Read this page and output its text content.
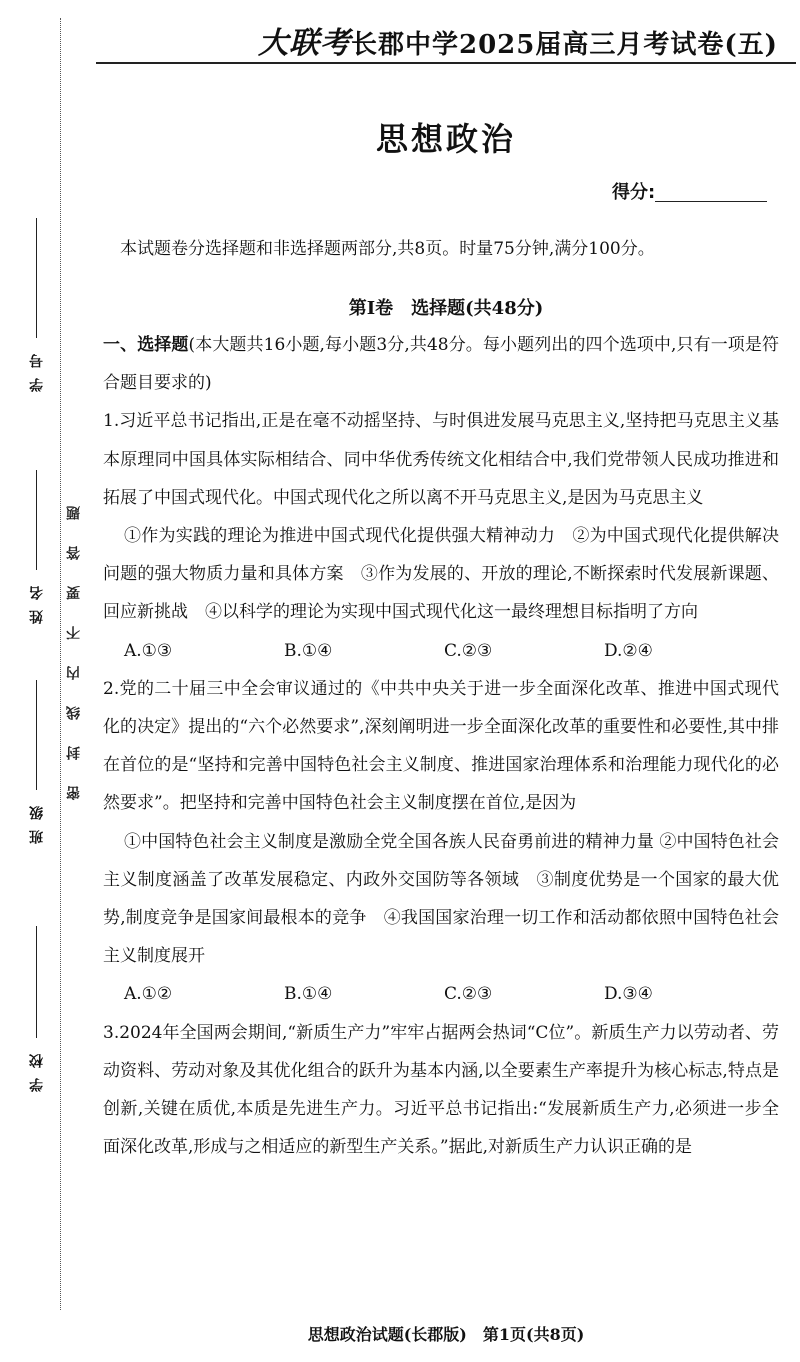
学号
姓名
班级
学校
密封线内不要答题
大联考长郡中学2025届高三月考试卷(五)
思想政治
得分:
本试题卷分选择题和非选择题两部分,共8页。时量75分钟,满分100分。
第Ⅰ卷　选择题(共48分)

一、选择题(本大题共16小题,每小题3分,共48分。每小题列出的四个选项中,只有一项是符合题目要求的)

1.习近平总书记指出,正是在毫不动摇坚持、与时俱进发展马克思主义,坚持把马克思主义基本原理同中国具体实际相结合、同中华优秀传统文化相结合中,我们党带领人民成功推进和拓展了中国式现代化。中国式现代化之所以离不开马克思主义,是因为马克思主义

①作为实践的理论为推进中国式现代化提供强大精神动力　②为中国式现代化提供解决问题的强大物质力量和具体方案　③作为发展的、开放的理论,不断探索时代发展新课题、回应新挑战　④以科学的理论为实现中国式现代化这一最终理想目标指明了方向

A.①③	B.①④	C.②③	D.②④

2.党的二十届三中全会审议通过的《中共中央关于进一步全面深化改革、推进中国式现代化的决定》提出的“六个必然要求”,深刻阐明进一步全面深化改革的重要性和必要性,其中排在首位的是“坚持和完善中国特色社会主义制度、推进国家治理体系和治理能力现代化的必然要求”。把坚持和完善中国特色社会主义制度摆在首位,是因为

①中国特色社会主义制度是激励全党全国各族人民奋勇前进的精神力量 ②中国特色社会主义制度涵盖了改革发展稳定、内政外交国防等各领域　③制度优势是一个国家的最大优势,制度竞争是国家间最根本的竞争　④我国国家治理一切工作和活动都依照中国特色社会主义制度展开

A.①②	B.①④	C.②③	D.③④

3.2024年全国两会期间,“新质生产力”牢牢占据两会热词“C位”。新质生产力以劳动者、劳动资料、劳动对象及其优化组合的跃升为基本内涵,以全要素生产率提升为核心标志,特点是创新,关键在质优,本质是先进生产力。习近平总书记指出:“发展新质生产力,必须进一步全面深化改革,形成与之相适应的新型生产关系。”据此,对新质生产力认识正确的是

思想政治试题(长郡版)　第1页(共8页)
